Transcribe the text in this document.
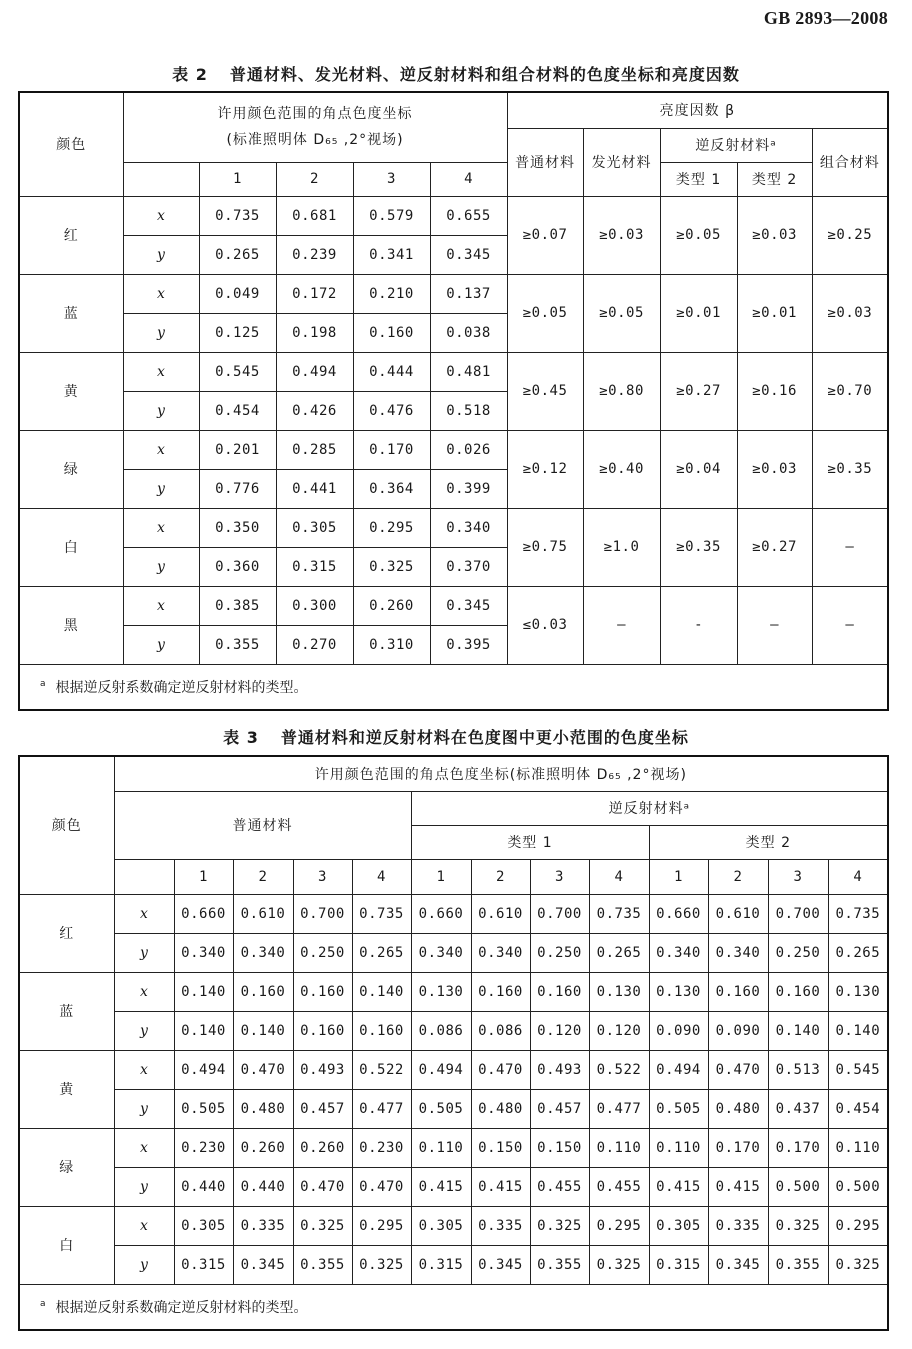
GB 2893—2008
表 2 普通材料、发光材料、逆反射材料和组合材料的色度坐标和亮度因数
颜色	许用颜色范围的角点色度坐标
(标准照明体 D₆₅ ,2°视场)					亮度因数 β				
						普通材料	发光材料	逆反射材料ᵃ		组合材料
		1	2	3	4			类型 1	类型 2	
红	x	0.735	0.681	0.579	0.655	≥0.07	≥0.03	≥0.05	≥0.03	≥0.25
	y	0.265	0.239	0.341	0.345					
蓝	x	0.049	0.172	0.210	0.137	≥0.05	≥0.05	≥0.01	≥0.01	≥0.03
	y	0.125	0.198	0.160	0.038					
黄	x	0.545	0.494	0.444	0.481	≥0.45	≥0.80	≥0.27	≥0.16	≥0.70
	y	0.454	0.426	0.476	0.518					
绿	x	0.201	0.285	0.170	0.026	≥0.12	≥0.40	≥0.04	≥0.03	≥0.35
	y	0.776	0.441	0.364	0.399					
白	x	0.350	0.305	0.295	0.340	≥0.75	≥1.0	≥0.35	≥0.27	—
	y	0.360	0.315	0.325	0.370					
黑	x	0.385	0.300	0.260	0.345	≤0.03	—	-	—	—
	y	0.355	0.270	0.310	0.395					
$^a$ 根据逆反射系数确定逆反射材料的类型。										
表 3 普通材料和逆反射材料在色度图中更小范围的色度坐标
颜色	许用颜色范围的角点色度坐标(标准照明体 D₆₅ ,2°视场)												
	普通材料					逆反射材料ᵃ							
						类型 1				类型 2			
		1	2	3	4	1	2	3	4	1	2	3	4
红	x	0.660	0.610	0.700	0.735	0.660	0.610	0.700	0.735	0.660	0.610	0.700	0.735
	y	0.340	0.340	0.250	0.265	0.340	0.340	0.250	0.265	0.340	0.340	0.250	0.265
蓝	x	0.140	0.160	0.160	0.140	0.130	0.160	0.160	0.130	0.130	0.160	0.160	0.130
	y	0.140	0.140	0.160	0.160	0.086	0.086	0.120	0.120	0.090	0.090	0.140	0.140
黄	x	0.494	0.470	0.493	0.522	0.494	0.470	0.493	0.522	0.494	0.470	0.513	0.545
	y	0.505	0.480	0.457	0.477	0.505	0.480	0.457	0.477	0.505	0.480	0.437	0.454
绿	x	0.230	0.260	0.260	0.230	0.110	0.150	0.150	0.110	0.110	0.170	0.170	0.110
	y	0.440	0.440	0.470	0.470	0.415	0.415	0.455	0.455	0.415	0.415	0.500	0.500
白	x	0.305	0.335	0.325	0.295	0.305	0.335	0.325	0.295	0.305	0.335	0.325	0.295
	y	0.315	0.345	0.355	0.325	0.315	0.345	0.355	0.325	0.315	0.345	0.355	0.325
$^a$ 根据逆反射系数确定逆反射材料的类型。													
